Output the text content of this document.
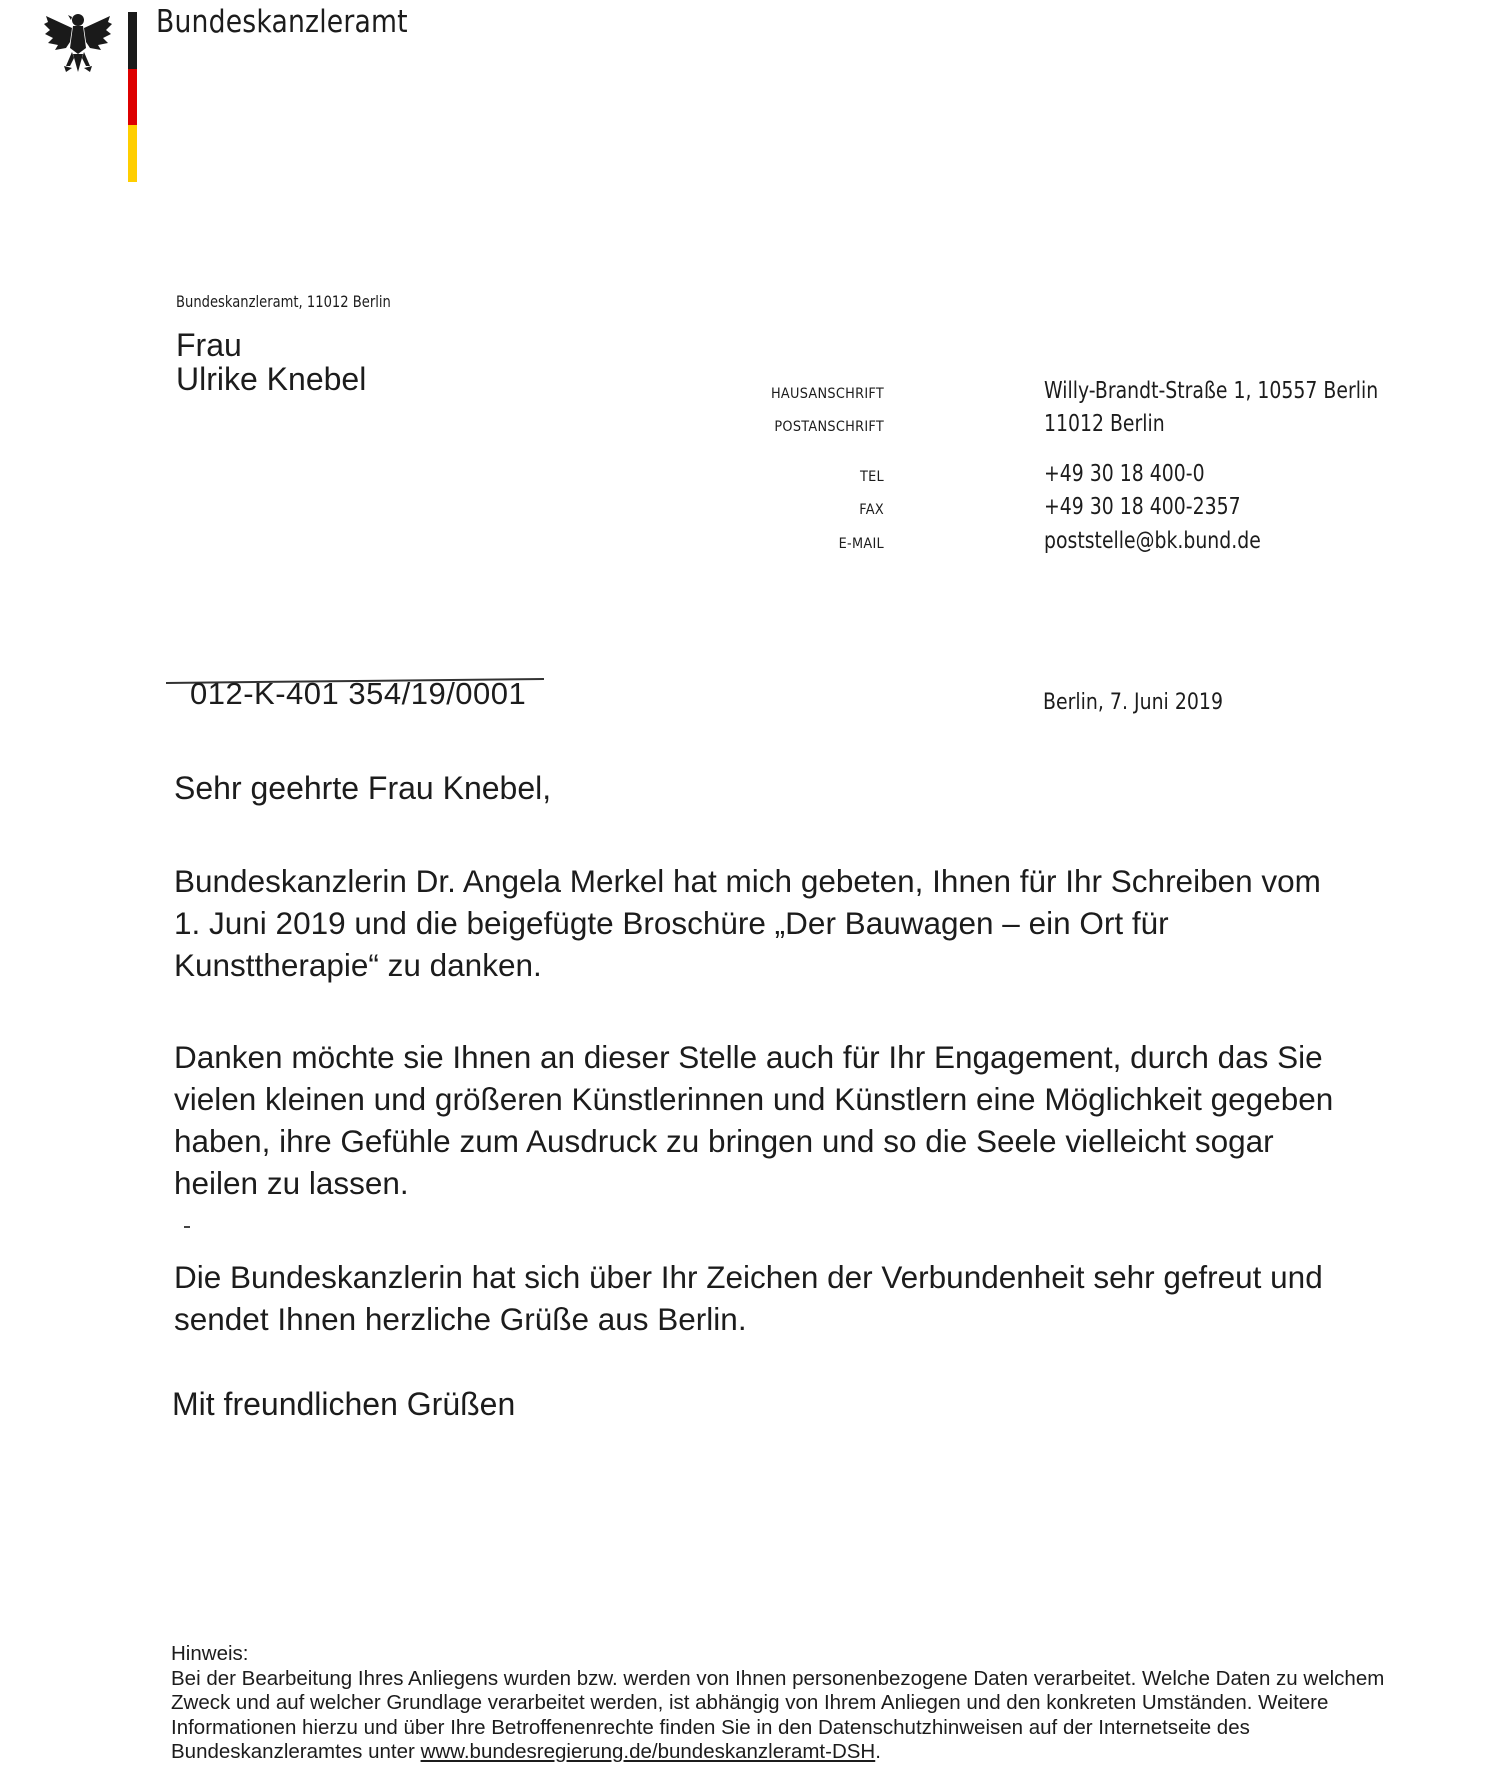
Bundeskanzleramt
Bundeskanzleramt, 11012 Berlin
Frau
Ulrike Knebel	HAUSANSCHRIFT	Willy-Brandt-Straße 1, 10557 Berlin
POSTANSCHRIFT	11012 Berlin
TEL	+49 30 18 400-0
FAX	+49 30 18 400-2357
E-MAIL	poststelle@bk.bund.de
012-K-401 354/19/0001	Berlin, 7. Juni 2019
Sehr geehrte Frau Knebel,
Bundeskanzlerin Dr. Angela Merkel hat mich gebeten, Ihnen für Ihr Schreiben vom 1. Juni 2019 und die beigefügte Broschüre „Der Bauwagen – ein Ort für Kunsttherapie“ zu danken.
Danken möchte sie Ihnen an dieser Stelle auch für Ihr Engagement, durch das Sie vielen kleinen und größeren Künstlerinnen und Künstlern eine Möglichkeit gegeben haben, ihre Gefühle zum Ausdruck zu bringen und so die Seele vielleicht sogar heilen zu lassen.
Die Bundeskanzlerin hat sich über Ihr Zeichen der Verbundenheit sehr gefreut und sendet Ihnen herzliche Grüße aus Berlin.
Mit freundlichen Grüßen
Hinweis:
Bei der Bearbeitung Ihres Anliegens wurden bzw. werden von Ihnen personenbezogene Daten verarbeitet. Welche Daten zu welchem Zweck und auf welcher Grundlage verarbeitet werden, ist abhängig von Ihrem Anliegen und den konkreten Umständen. Weitere Informationen hierzu und über Ihre Betroffenenrechte finden Sie in den Datenschutzhinweisen auf der Internetseite des Bundeskanzleramtes unter www.bundesregierung.de/bundeskanzleramt-DSH.
